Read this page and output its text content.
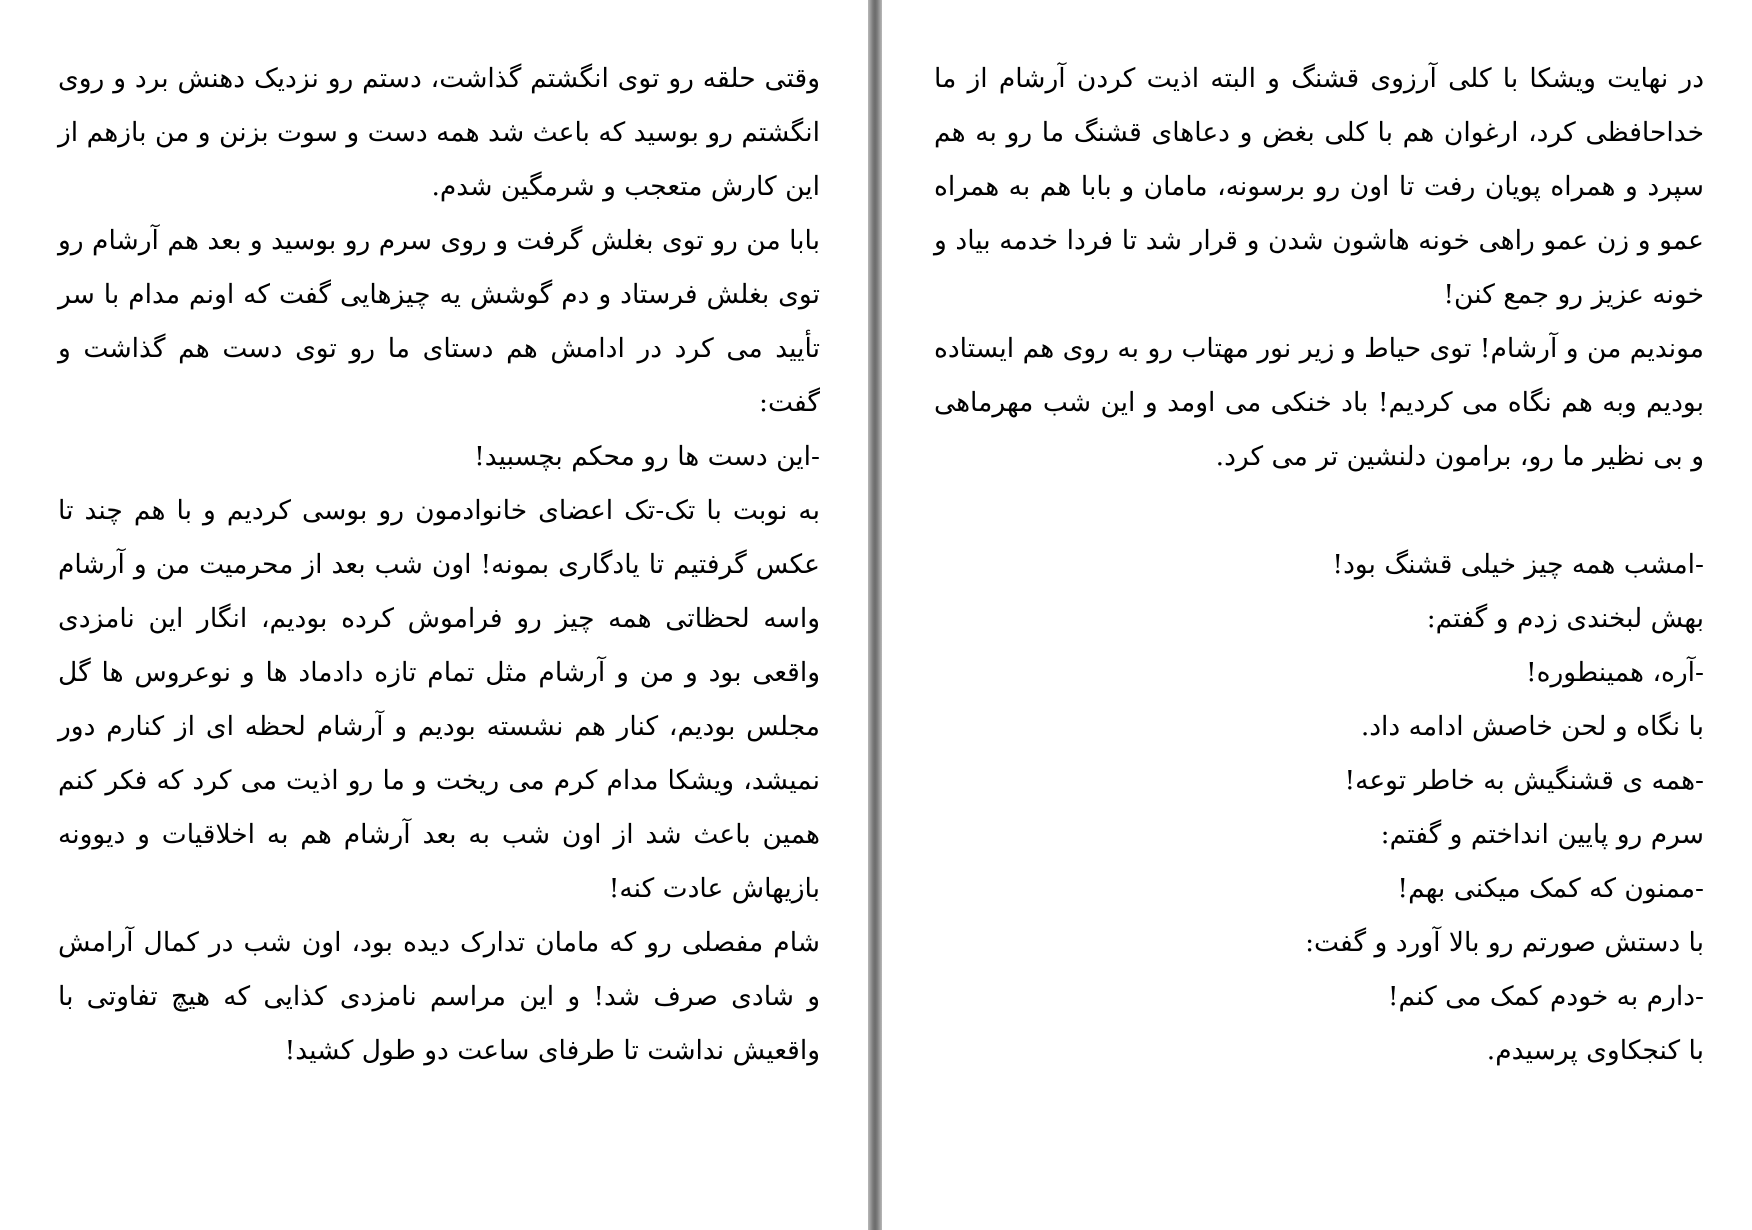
وقتی حلقه رو توی انگشتم گذاشت، دستم رو نزدیک دهنش برد و روی انگشتم رو بوسید که باعث شد همه دست و سوت بزنن و من بازهم از این کارش متعجب و شرمگین شدم.

بابا من رو توی بغلش گرفت و روی سرم رو بوسید و بعد هم آرشام رو توی بغلش فرستاد و دم گوشش یه چیزهایی گفت که اونم مدام با سر تأیید می کرد در ادامش هم دستای ما رو توی دست هم گذاشت و گفت:

-این دست ها رو محکم بچسبید!

به نوبت با تک-تک اعضای خانوادمون رو بوسی کردیم و با هم چند تا عکس گرفتیم تا یادگاری بمونه! اون شب بعد از محرمیت من و آرشام واسه لحظاتی همه چیز رو فراموش کرده بودیم، انگار این نامزدی واقعی بود و من و آرشام مثل تمام تازه دادماد ها و نوعروس ها گل مجلس بودیم، کنار هم نشسته بودیم و آرشام لحظه ای از کنارم دور نمیشد، ویشکا مدام کرم می ریخت و ما رو اذیت می کرد که فکر کنم همین باعث شد از اون شب به بعد آرشام هم به اخلاقیات و دیوونه بازیهاش عادت کنه!

شام مفصلی رو که مامان تدارک دیده بود، اون شب در کمال آرامش و شادی صرف شد! و این مراسم نامزدی کذایی که هیچ تفاوتی با واقعیش نداشت تا طرفای ساعت دو طول کشید!

در نهایت ویشکا با کلی آرزوی قشنگ و البته اذیت کردن آرشام از ما خداحافظی کرد، ارغوان هم با کلی بغض و دعاهای قشنگ ما رو به هم سپرد و همراه پویان رفت تا اون رو برسونه، مامان و بابا هم به همراه عمو و زن عمو راهی خونه هاشون شدن و قرار شد تا فردا خدمه بیاد و خونه عزیز رو جمع کنن!

موندیم من و آرشام! توی حیاط و زیر نور مهتاب رو به روی هم ایستاده بودیم وبه هم نگاه می کردیم! باد خنکی می اومد و این شب مهرماهی و بی نظیر ما رو، برامون دلنشین تر می کرد.

-امشب همه چیز خیلی قشنگ بود!

بهش لبخندی زدم و گفتم:

-آره، همینطوره!

با نگاه و لحن خاصش ادامه داد.

-همه ی قشنگیش به خاطر توعه!

سرم رو پایین انداختم و گفتم:

-ممنون که کمک میکنی بهم!

با دستش صورتم رو بالا آورد و گفت:

-دارم به خودم کمک می کنم!

با کنجکاوی پرسیدم.
